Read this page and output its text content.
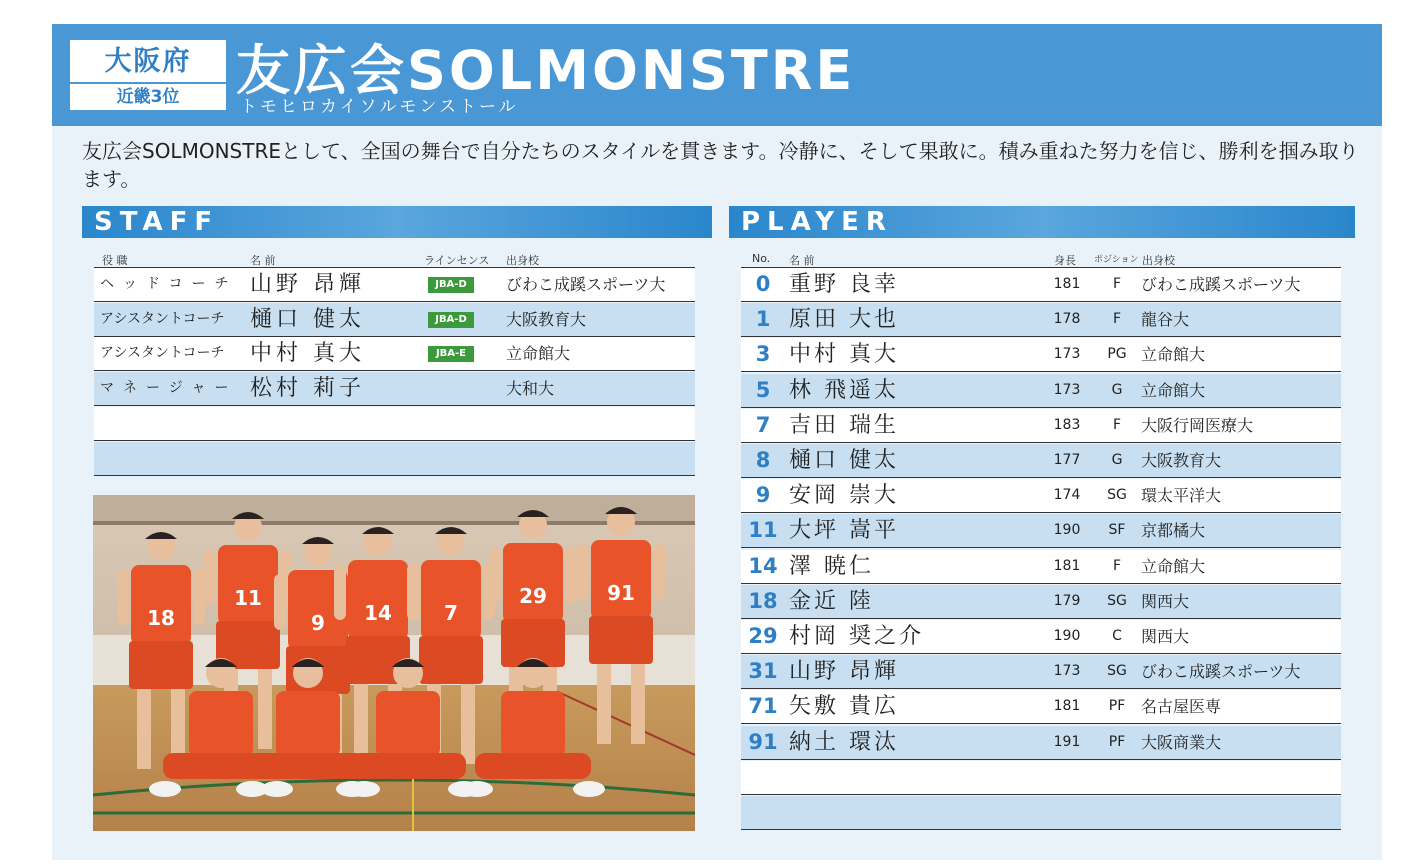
大阪府
近畿3位	友広会SOLMONSTRE
トモヒロカイソルモンストール
友広会SOLMONSTREとして、全国の舞台で自分たちのスタイルを貫きます。冷静に、そして果敢に。積み重ねた努力を信じ、勝利を掴み取ります。
STAFF
役 職	名 前	ラインセンス 出身校
ヘッドコーチ 山野 昂輝	JBA-D	びわこ成蹊スポーツ大
アシスタントコーチ 樋口 健太	JBA-D	大阪教育大
アシスタントコーチ 中村 真大	JBA-E	立命館大
マネージャー 松村 莉子	大和大
18
11
9 14	7
29	91
PLAYER
No. 名 前	身長 ポジション 出身校
0 重野 良幸	181	F	びわこ成蹊スポーツ大
1 原田 大也	178	F	龍谷大
3 中村 真大	173	PG 立命館大
5 林 飛遥太	173	G	立命館大
7 吉田 瑞生	183	F	大阪行岡医療大
8 樋口 健太	177	G	大阪教育大
9 安岡 崇大	174	SG 環太平洋大
11 大坪 嵩平	190	SF 京都橘大
14 澤 暁仁	181	F	立命館大
18 金近 陸	179	SG 関西大
29 村岡 奨之介	190	C	関西大
31 山野 昂輝	173	SG びわこ成蹊スポーツ大
71 矢敷 貴広	181	PF 名古屋医専
91 納土 環汰	191	PF 大阪商業大
